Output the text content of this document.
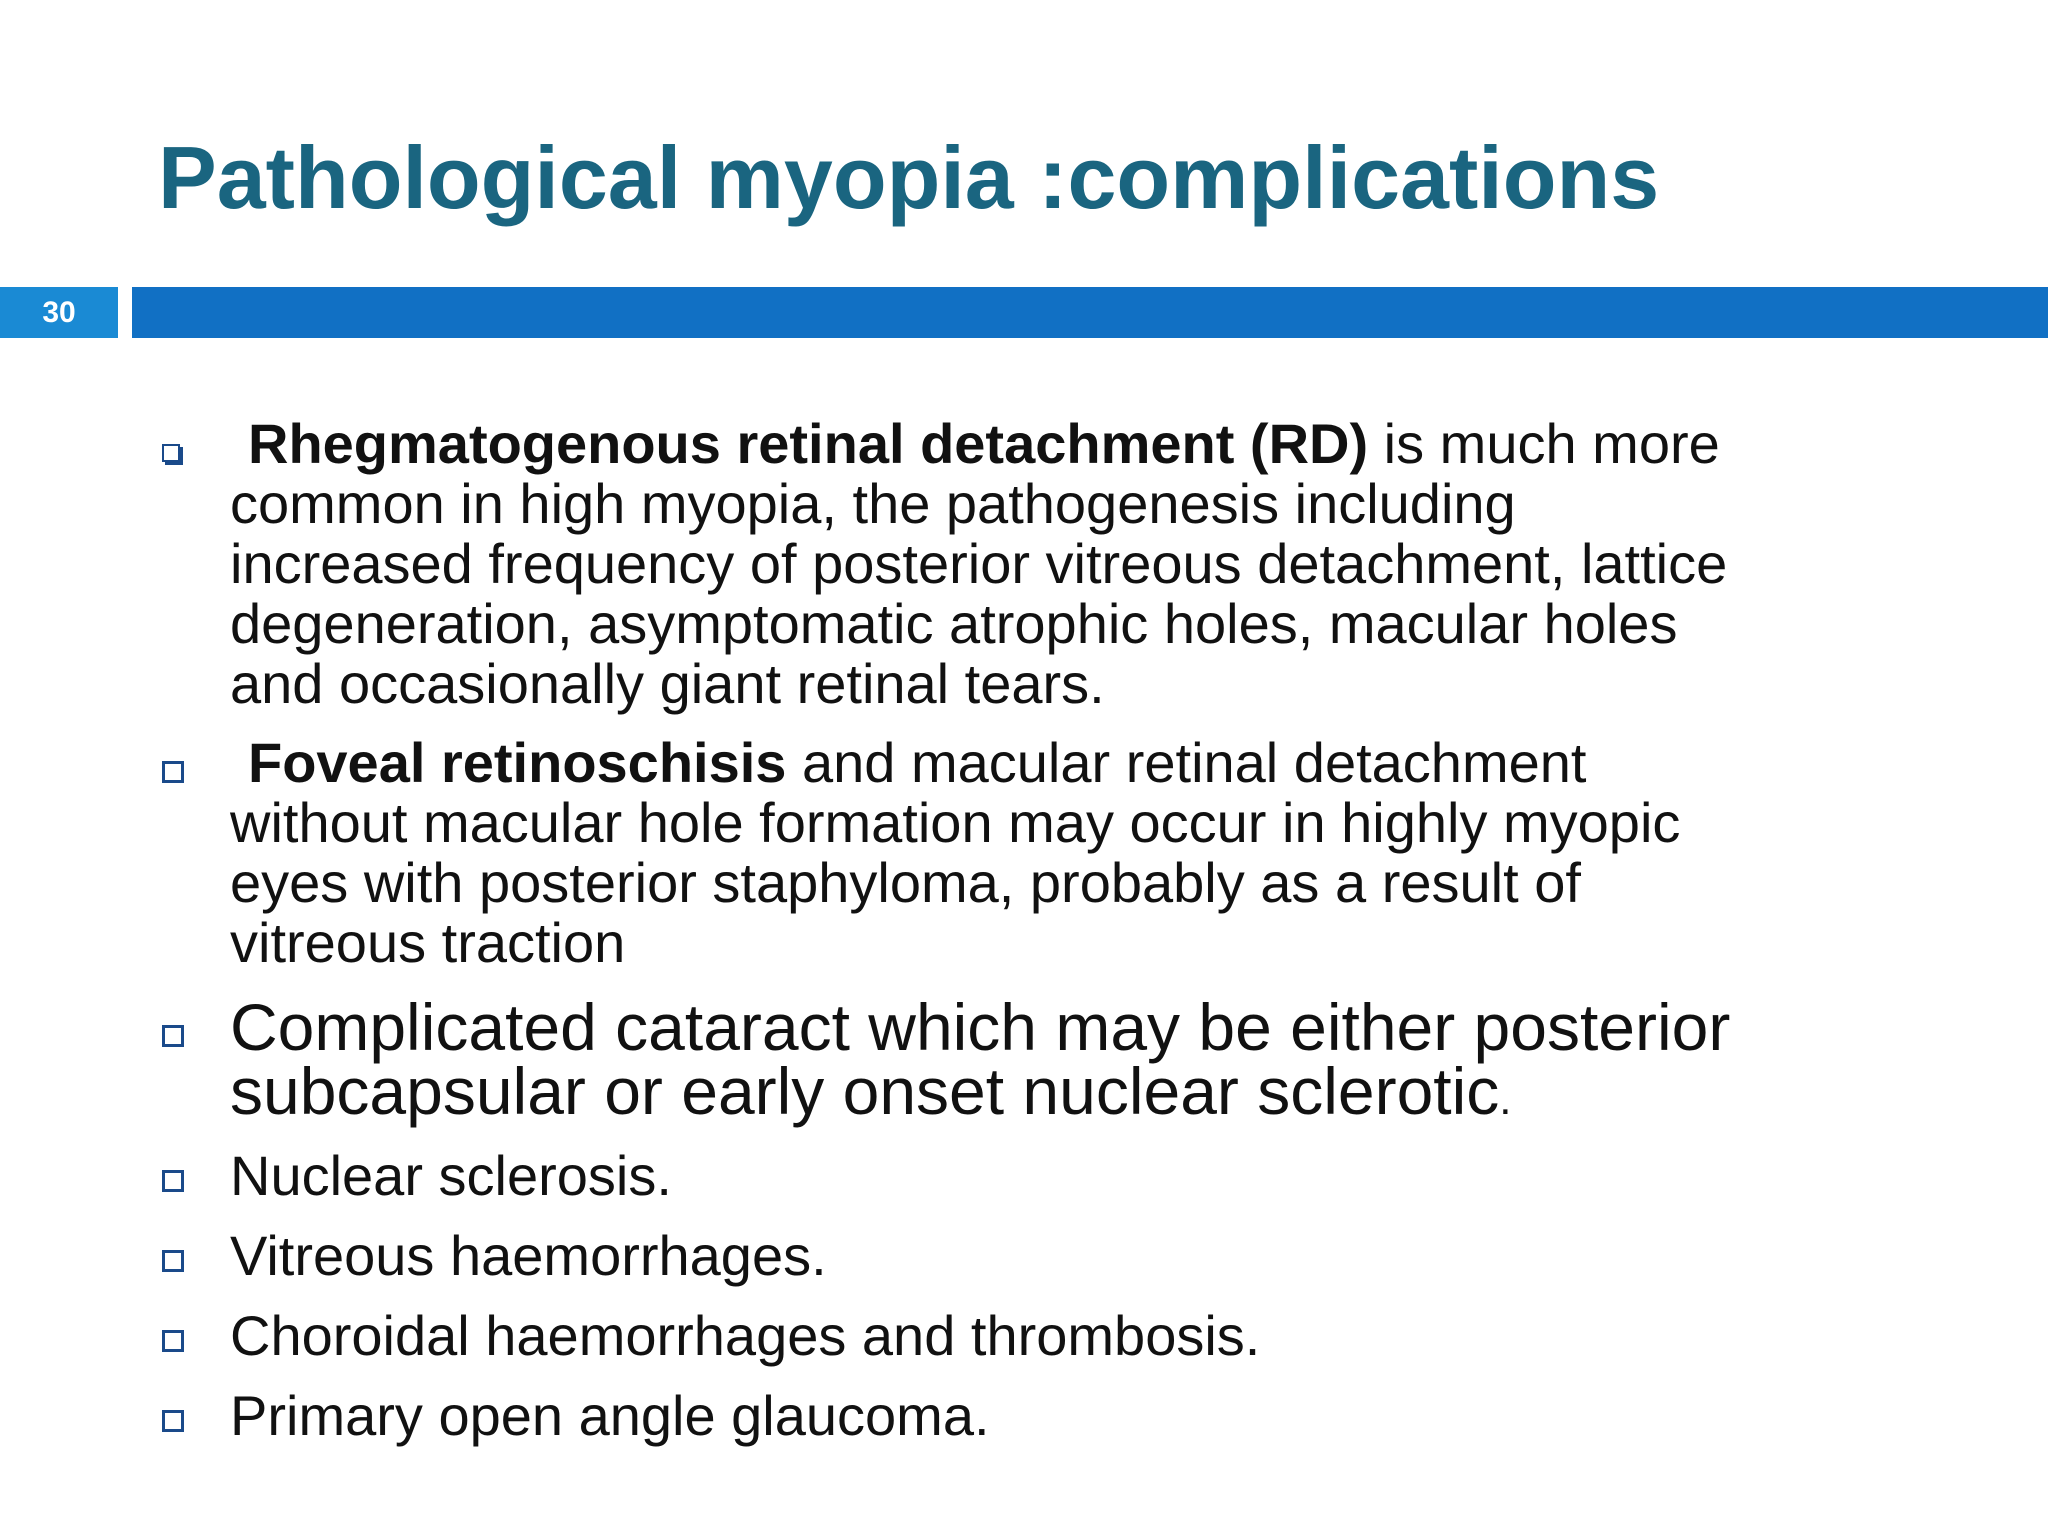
Pathological myopia :complications
30
Rhegmatogenous retinal detachment (RD) is much more
common in high myopia, the pathogenesis including
increased frequency of posterior vitreous detachment, lattice
degeneration, asymptomatic atrophic holes, macular holes
and occasionally giant retinal tears.
Foveal retinoschisis and macular retinal detachment
without macular hole formation may occur in highly myopic
eyes with posterior staphyloma, probably as a result of
vitreous traction
Complicated cataract which may be either posterior
subcapsular or early onset nuclear sclerotic.
Nuclear sclerosis.
Vitreous haemorrhages.
Choroidal haemorrhages and thrombosis.
Primary open angle glaucoma.
